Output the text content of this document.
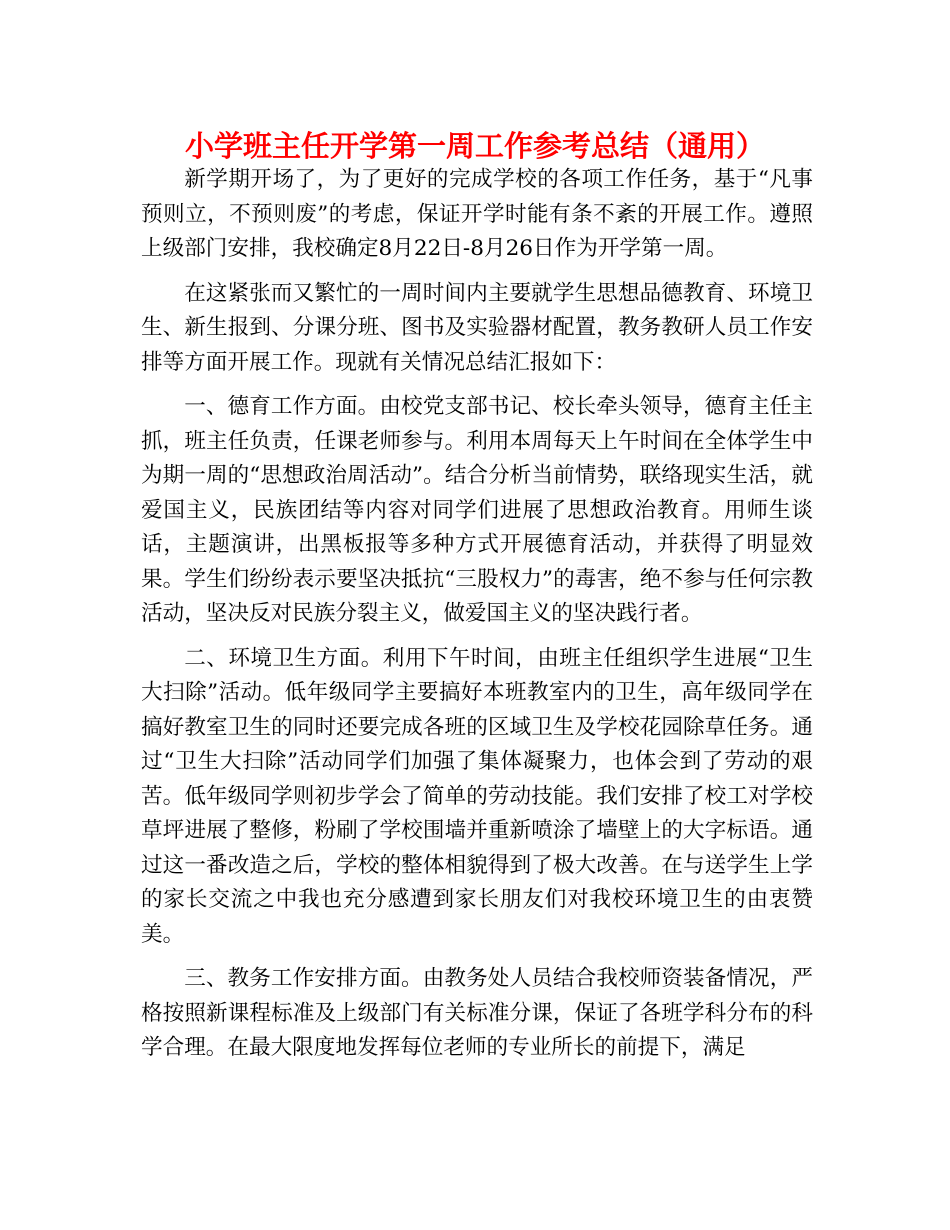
小学班主任开学第一周工作参考总结（通用）

新学期开场了，为了更好的完成学校的各项工作任务，基于“凡事预则立，不预则废”的考虑，保证开学时能有条不紊的开展工作。遵照上级部门安排，我校确定8月22日-8月26日作为开学第一周。

在这紧张而又繁忙的一周时间内主要就学生思想品德教育、环境卫生、新生报到、分课分班、图书及实验器材配置，教务教研人员工作安排等方面开展工作。现就有关情况总结汇报如下：

一、德育工作方面。由校党支部书记、校长牵头领导，德育主任主抓，班主任负责，任课老师参与。利用本周每天上午时间在全体学生中为期一周的“思想政治周活动”。结合分析当前情势，联络现实生活，就爱国主义，民族团结等内容对同学们进展了思想政治教育。用师生谈话，主题演讲，出黑板报等多种方式开展德育活动，并获得了明显效果。学生们纷纷表示要坚决抵抗“三股权力”的毒害，绝不参与任何宗教活动，坚决反对民族分裂主义，做爱国主义的坚决践行者。

二、环境卫生方面。利用下午时间，由班主任组织学生进展“卫生大扫除”活动。低年级同学主要搞好本班教室内的卫生，高年级同学在搞好教室卫生的同时还要完成各班的区域卫生及学校花园除草任务。通过“卫生大扫除”活动同学们加强了集体凝聚力，也体会到了劳动的艰苦。低年级同学则初步学会了简单的劳动技能。我们安排了校工对学校草坪进展了整修，粉刷了学校围墙并重新喷涂了墙壁上的大字标语。通过这一番改造之后，学校的整体相貌得到了极大改善。在与送学生上学的家长交流之中我也充分感遭到家长朋友们对我校环境卫生的由衷赞美。

三、教务工作安排方面。由教务处人员结合我校师资装备情况，严格按照新课程标准及上级部门有关标准分课，保证了各班学科分布的科学合理。在最大限度地发挥每位老师的专业所长的前提下，满足
